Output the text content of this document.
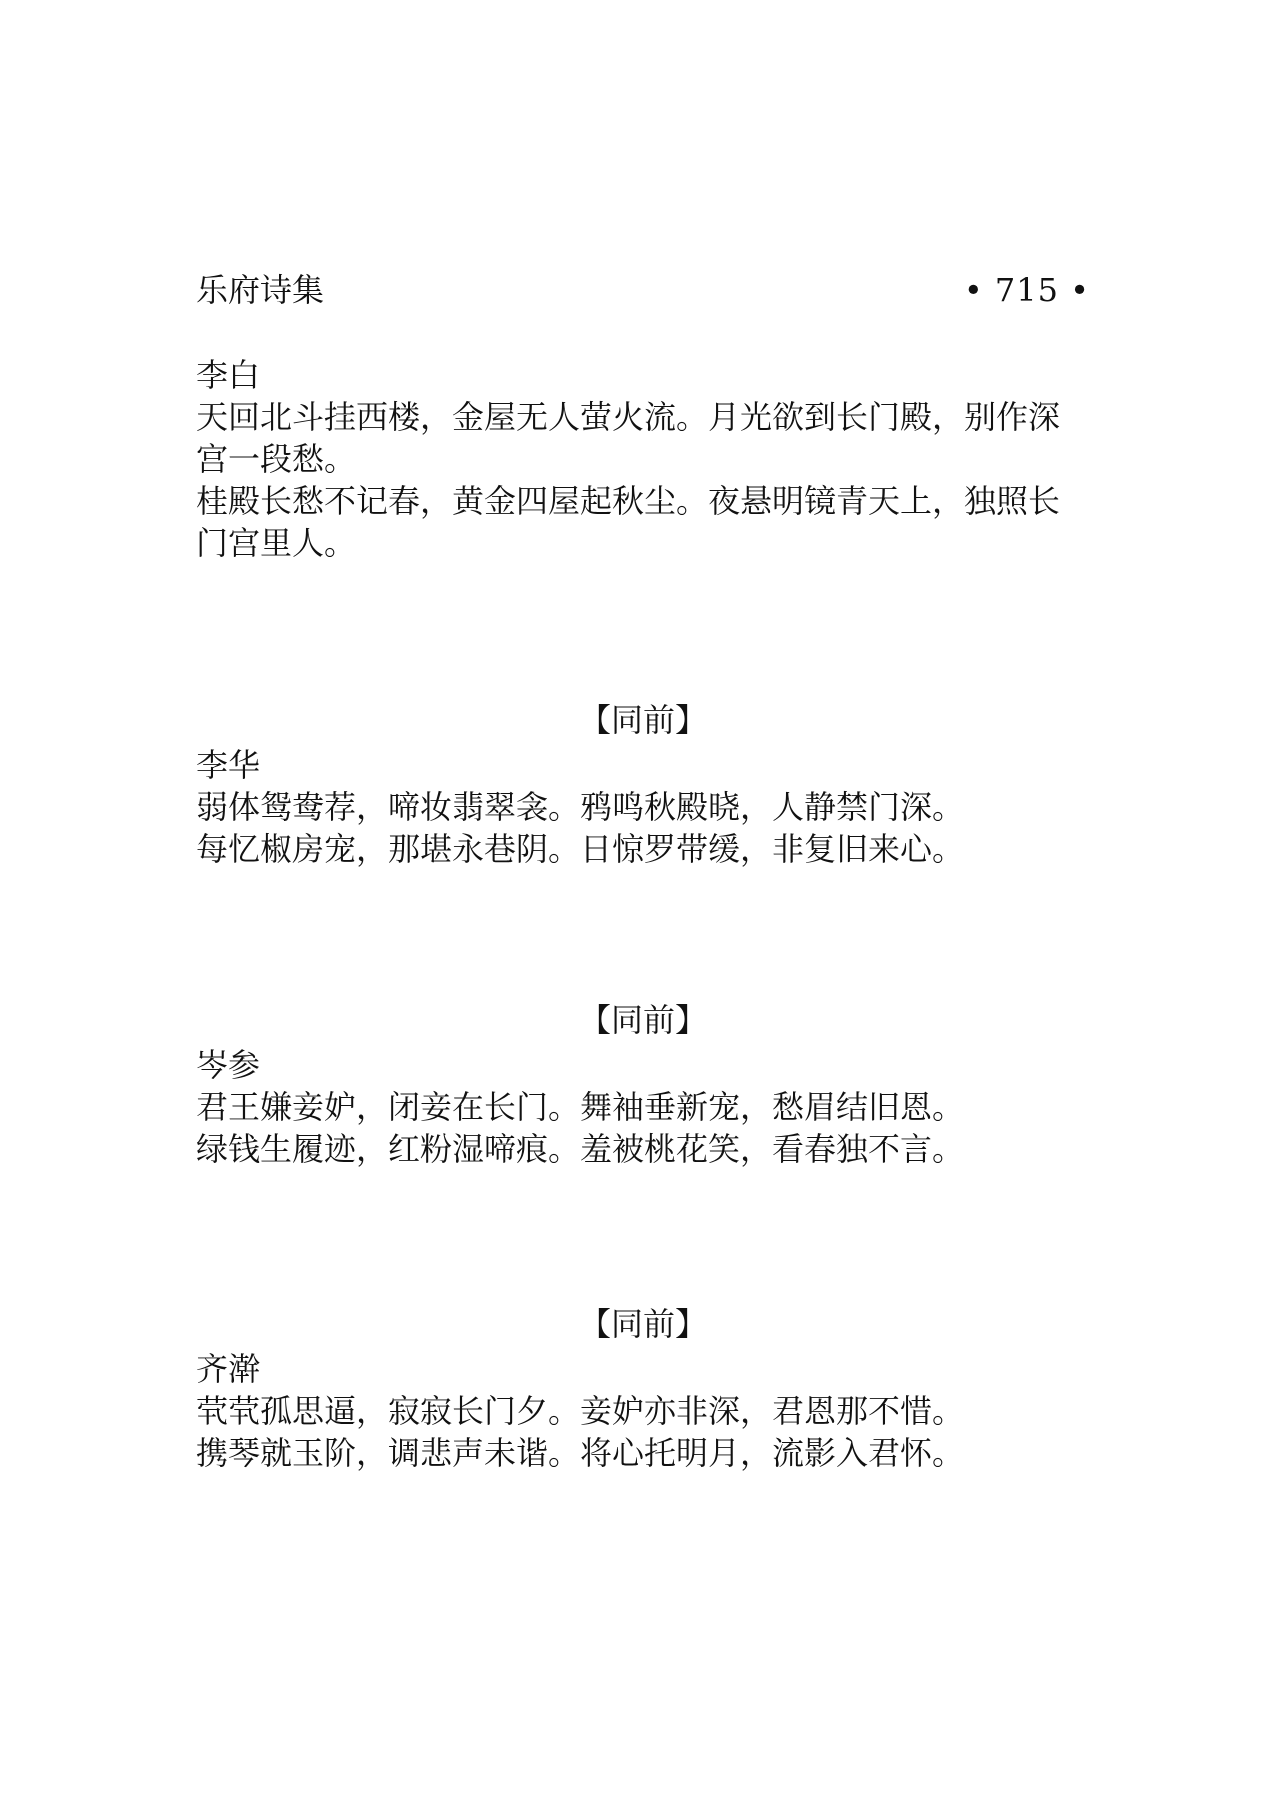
乐府诗集	• 715 •

李白

天回北斗挂西楼，金屋无人萤火流。月光欲到长门殿，别作深宫一段愁。

桂殿长愁不记春，黄金四屋起秋尘。夜悬明镜青天上，独照长门宫里人。

【同前】

李华

弱体鸳鸯荐，啼妆翡翠衾。鸦鸣秋殿晓，人静禁门深。

每忆椒房宠，那堪永巷阴。日惊罗带缓，非复旧来心。

【同前】

岑参

君王嫌妾妒，闭妾在长门。舞袖垂新宠，愁眉结旧恩。

绿钱生履迹，红粉湿啼痕。羞被桃花笑，看春独不言。

【同前】

齐澣

茕茕孤思逼，寂寂长门夕。妾妒亦非深，君恩那不惜。

携琴就玉阶，调悲声未谐。将心托明月，流影入君怀。
